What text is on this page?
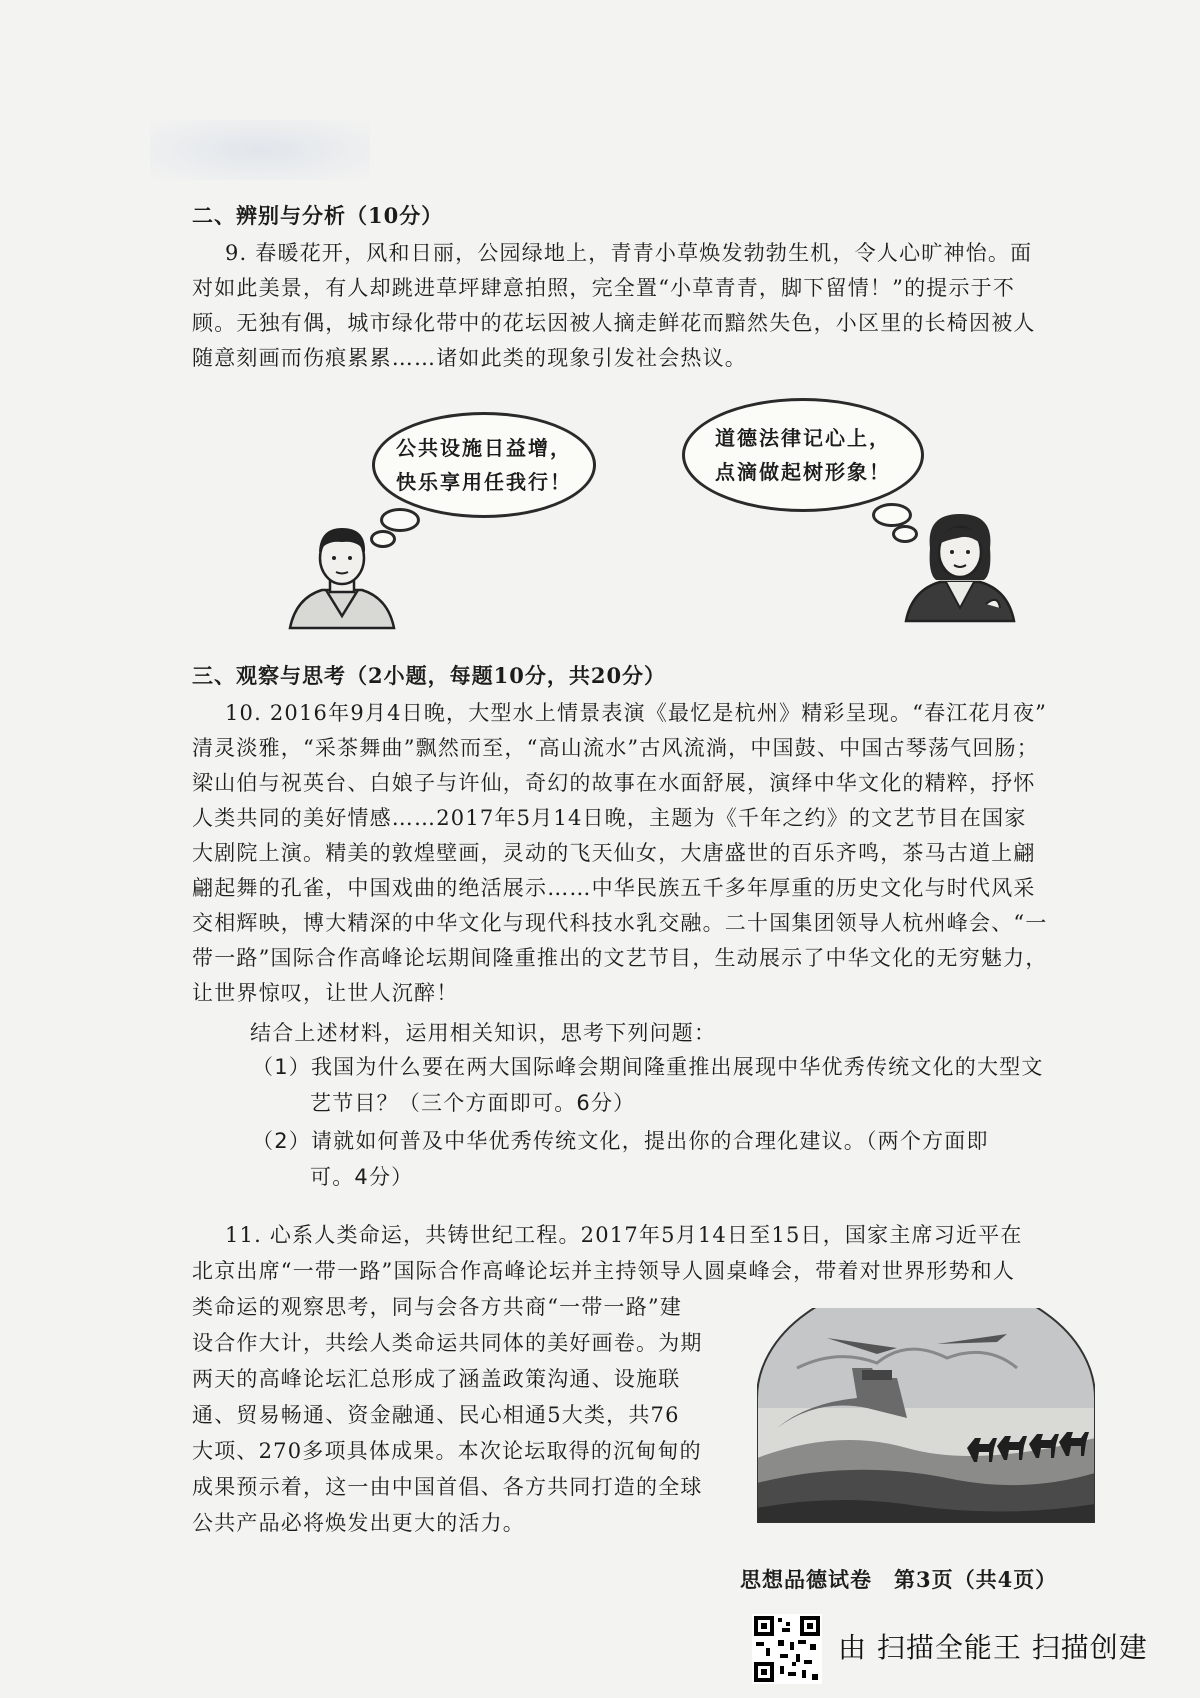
二、辨别与分析（10分）
9. 春暖花开，风和日丽，公园绿地上，青青小草焕发勃勃生机，令人心旷神怡。面
对如此美景，有人却跳进草坪肆意拍照，完全置“小草青青，脚下留情！”的提示于不
顾。无独有偶，城市绿化带中的花坛因被人摘走鲜花而黯然失色，小区里的长椅因被人
随意刻画而伤痕累累……诸如此类的现象引发社会热议。
公共设施日益增，
快乐享用任我行！
道德法律记心上，
点滴做起树形象！
三、观察与思考（2小题，每题10分，共20分）
10. 2016年9月4日晚，大型水上情景表演《最忆是杭州》精彩呈现。“春江花月夜”
清灵淡雅，“采茶舞曲”飘然而至，“高山流水”古风流淌，中国鼓、中国古琴荡气回肠；
梁山伯与祝英台、白娘子与许仙，奇幻的故事在水面舒展，演绎中华文化的精粹，抒怀
人类共同的美好情感……2017年5月14日晚，主题为《千年之约》的文艺节目在国家
大剧院上演。精美的敦煌壁画，灵动的飞天仙女，大唐盛世的百乐齐鸣，茶马古道上翩
翩起舞的孔雀，中国戏曲的绝活展示……中华民族五千多年厚重的历史文化与时代风采
交相辉映，博大精深的中华文化与现代科技水乳交融。二十国集团领导人杭州峰会、“一
带一路”国际合作高峰论坛期间隆重推出的文艺节目，生动展示了中华文化的无穷魅力，
让世界惊叹，让世人沉醉！
结合上述材料，运用相关知识，思考下列问题：
（1）我国为什么要在两大国际峰会期间隆重推出展现中华优秀传统文化的大型文
艺节目？（三个方面即可。6分）
（2）请就如何普及中华优秀传统文化，提出你的合理化建议。（两个方面即
可。4分）
11. 心系人类命运，共铸世纪工程。2017年5月14日至15日，国家主席习近平在
北京出席“一带一路”国际合作高峰论坛并主持领导人圆桌峰会，带着对世界形势和人
类命运的观察思考，同与会各方共商“一带一路”建
设合作大计，共绘人类命运共同体的美好画卷。为期
两天的高峰论坛汇总形成了涵盖政策沟通、设施联
通、贸易畅通、资金融通、民心相通5大类，共76
大项、270多项具体成果。本次论坛取得的沉甸甸的
成果预示着，这一由中国首倡、各方共同打造的全球
公共产品必将焕发出更大的活力。
思想品德试卷　第3页（共4页）
由 扫描全能王 扫描创建
